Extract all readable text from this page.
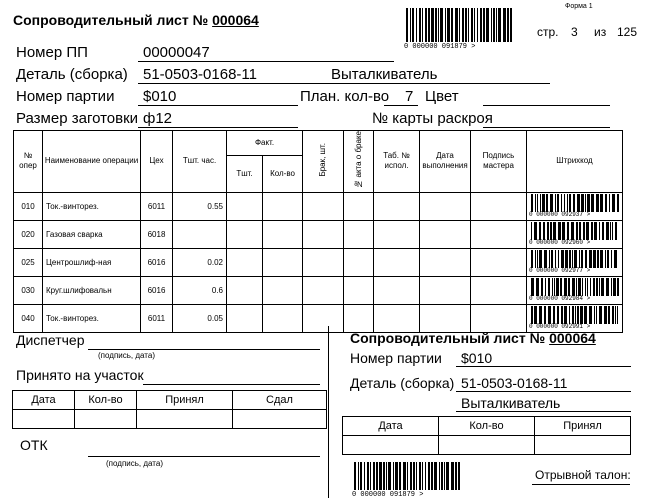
Сопроводительный лист № 000064
0 000000 091879 >
Форма 1
стр. 3 из 125
Номер ПП	00000047
Деталь (сборка) 51-0503-0168-11	Выталкиватель
Номер партии $010	План. кол-во 7 Цвет
Размер заготовки ф12	№ карты раскроя
№ опер	Наименование операции	Цех	Тшт. час.	Факт.		Брак, шт.	№ акта о браке	Таб. № испол.	Дата выполнения	Подпись мастера	Штрихкод
				Тшт.	Кол-во						
010	Ток.-винторез.	6011	0.55								0 000000 092937 >

020	Газовая сварка	6018									0 000000 092960 >

025	Центрошлиф-ная	6016	0.02								0 000000 092977 >

030	Круг.шлифовальн	6016	0.6								0 000000 092984 >

040	Ток.-винторез.	6011	0.05								0 000000 092991 >
Диспетчер
(подпись, дата)
Принято на участок
Дата	Кол-во	Принял	Сдал

ОТК
(подпись, дата)
Сопроводительный лист № 000064
Номер партии $010
Деталь (сборка) 51-0503-0168-11
Выталкиватель
Дата	Кол-во	Принял

0 000000 091879 >
Отрывной талон:
